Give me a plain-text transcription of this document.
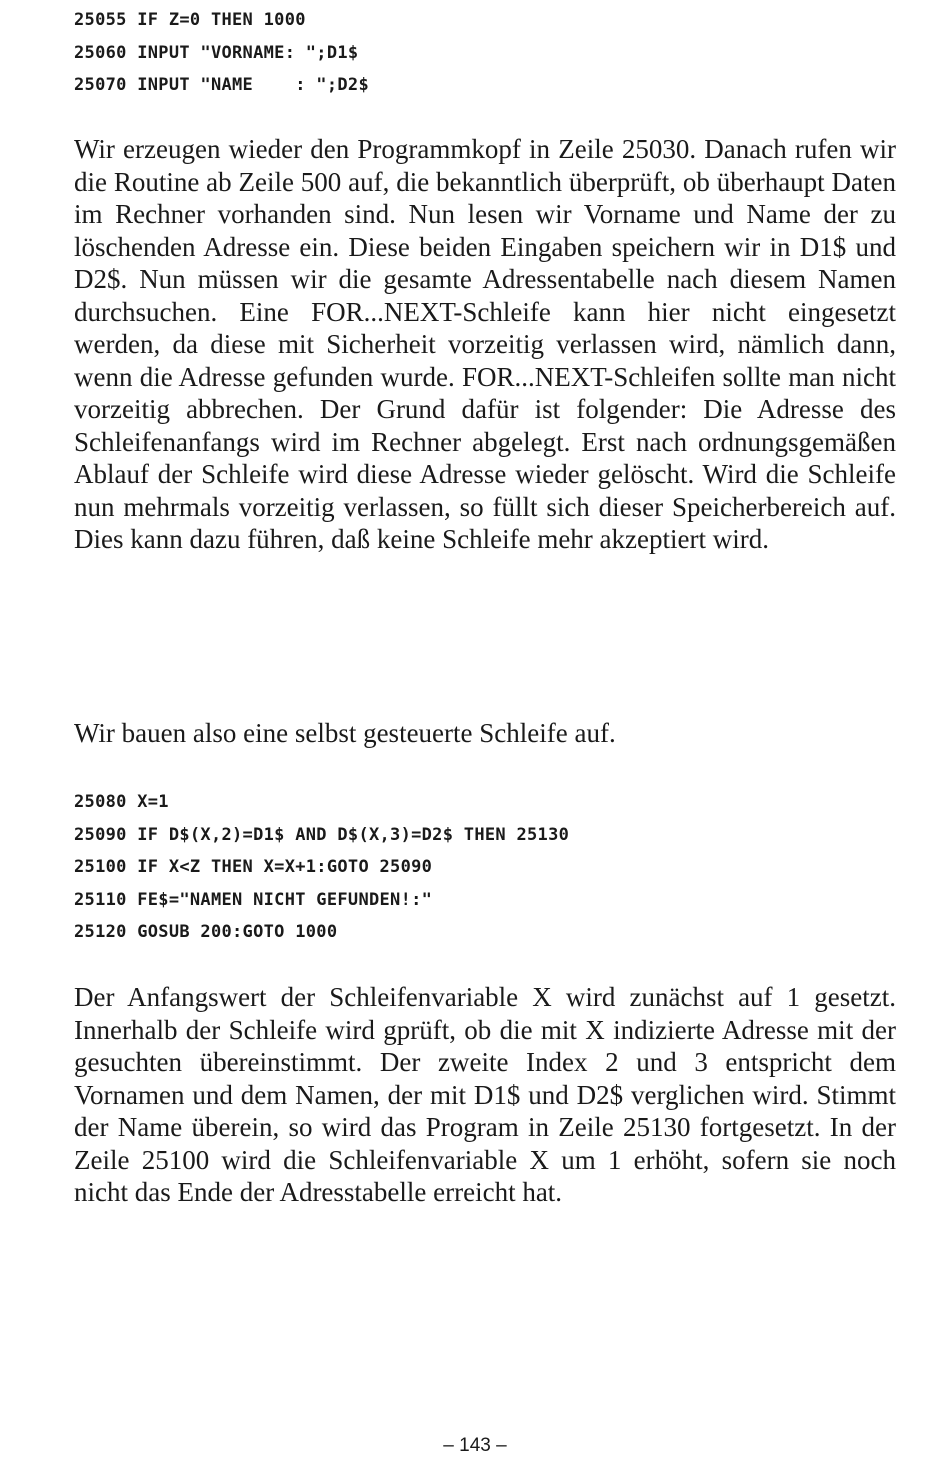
25055 IF Z=0 THEN 1000
25060 INPUT "VORNAME: ";D1$
25070 INPUT "NAME    : ";D2$

Wir erzeugen wieder den Programmkopf in Zeile 25030. Danach rufen wir die Routine ab Zeile 500 auf, die bekanntlich überprüft, ob überhaupt Daten im Rechner vorhanden sind. Nun lesen wir Vorname und Name der zu löschenden Adresse ein. Diese beiden Eingaben speichern wir in D1$ und D2$. Nun müssen wir die gesamte Adressentabelle nach diesem Namen durchsuchen. Eine FOR...NEXT-Schleife kann hier nicht eingesetzt werden, da diese mit Sicherheit vorzeitig verlassen wird, nämlich dann, wenn die Adresse gefunden wurde. FOR...NEXT-Schleifen sollte man nicht vorzeitig abbrechen. Der Grund dafür ist folgender: Die Adresse des Schleifenanfangs wird im Rechner abgelegt. Erst nach ordnungsgemäßen Ablauf der Schleife wird diese Adresse wieder gelöscht. Wird die Schleife nun mehrmals vorzeitig verlassen, so füllt sich dieser Speicherbereich auf. Dies kann dazu führen, daß keine Schleife mehr akzeptiert wird.

Wir bauen also eine selbst gesteuerte Schleife auf.

25080 X=1
25090 IF D$(X,2)=D1$ AND D$(X,3)=D2$ THEN 25130
25100 IF X<Z THEN X=X+1:GOTO 25090
25110 FE$="NAMEN NICHT GEFUNDEN!:"
25120 GOSUB 200:GOTO 1000

Der Anfangswert der Schleifenvariable X wird zunächst auf 1 gesetzt. Innerhalb der Schleife wird gprüft, ob die mit X indizierte Adresse mit der gesuchten übereinstimmt. Der zweite Index 2 und 3 entspricht dem Vornamen und dem Namen, der mit D1$ und D2$ verglichen wird. Stimmt der Name überein, so wird das Program in Zeile 25130 fortgesetzt. In der Zeile 25100 wird die Schleifenvariable X um 1 erhöht, sofern sie noch nicht das Ende der Adresstabelle erreicht hat.

– 143 –
